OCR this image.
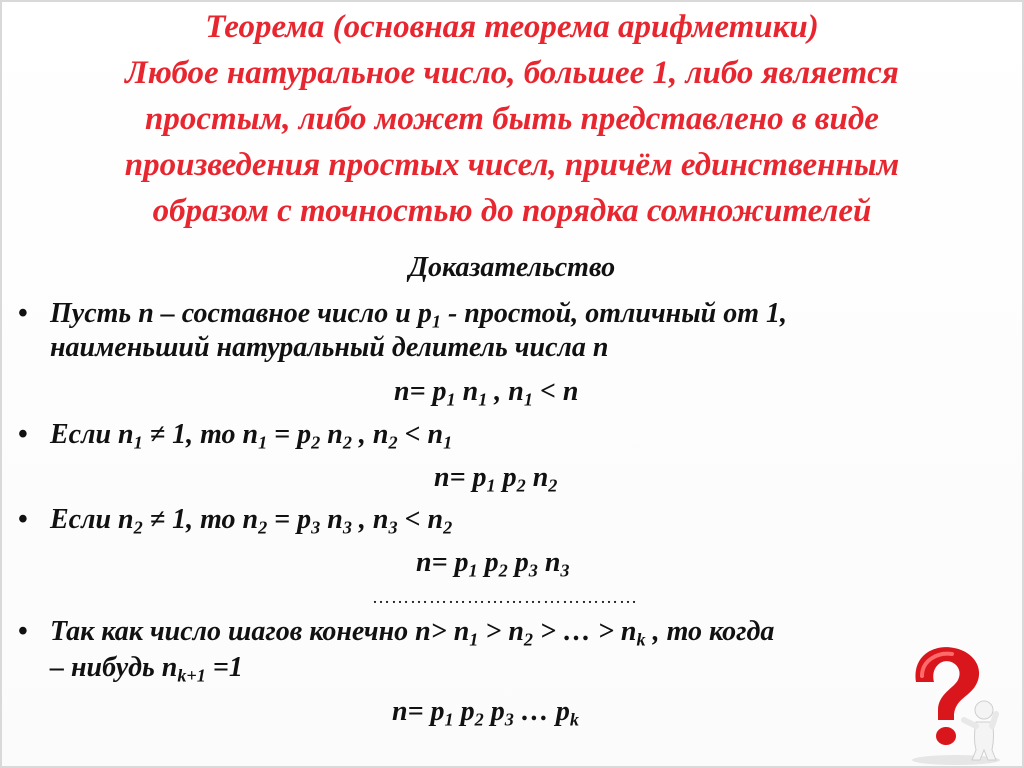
Теорема (основная теорема арифметики)
Любое натуральное число, большее 1, либо является
простым, либо может быть представлено в виде
произведения простых чисел, причём единственным
образом с точностью до порядка сомножителей
Доказательство
• Пусть n – составное число и $p_1$ - простой, отличный от 1,
наименьший натуральный делитель числа n
$n= p_1$ $n_1$ , $n_1 < n$
• Если $n_1 \ne 1$, то $n_1 = p_2$ $n_2$ , $n_2 < n_1$
$n= p_1$ $p_2$ $n_2$
• Если $n_2 \ne 1$, то $n_2 = p_3$ $n_3$ , $n_3 < n_2$
$n= p_1$ $p_2$ $p_3$ $n_3$
……………………………………
• Так как число шагов конечно $n> n_1 > n_2$ > … > $n_k$ , то когда
– нибудь $n_{k+1} =1$
$n= p_1$ $p_2$ $p_3$ … $p_k$
